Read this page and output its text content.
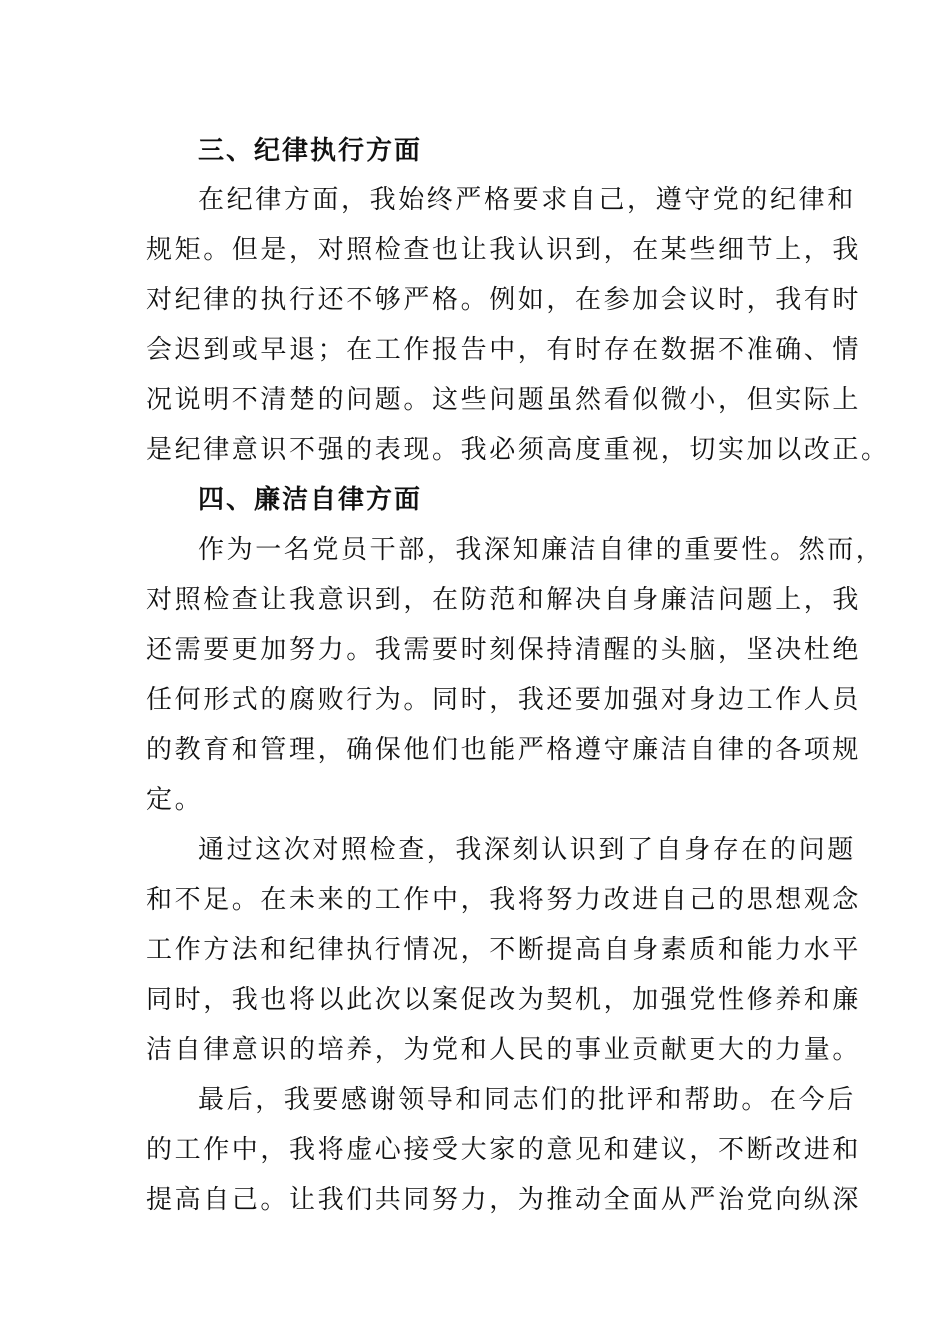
三、纪律执行方面
在纪律方面，我始终严格要求自己，遵守党的纪律和
规矩。但是，对照检查也让我认识到，在某些细节上，我
对纪律的执行还不够严格。例如，在参加会议时，我有时
会迟到或早退；在工作报告中，有时存在数据不准确、情
况说明不清楚的问题。这些问题虽然看似微小，但实际上
是纪律意识不强的表现。我必须高度重视，切实加以改正。
四、廉洁自律方面
作为一名党员干部，我深知廉洁自律的重要性。然而，
对照检查让我意识到，在防范和解决自身廉洁问题上，我
还需要更加努力。我需要时刻保持清醒的头脑，坚决杜绝
任何形式的腐败行为。同时，我还要加强对身边工作人员
的教育和管理，确保他们也能严格遵守廉洁自律的各项规
定。
通过这次对照检查，我深刻认识到了自身存在的问题
和不足。在未来的工作中，我将努力改进自己的思想观念
工作方法和纪律执行情况，不断提高自身素质和能力水平
同时，我也将以此次以案促改为契机，加强党性修养和廉
洁自律意识的培养，为党和人民的事业贡献更大的力量。
最后，我要感谢领导和同志们的批评和帮助。在今后
的工作中，我将虚心接受大家的意见和建议，不断改进和
提高自己。让我们共同努力，为推动全面从严治党向纵深
